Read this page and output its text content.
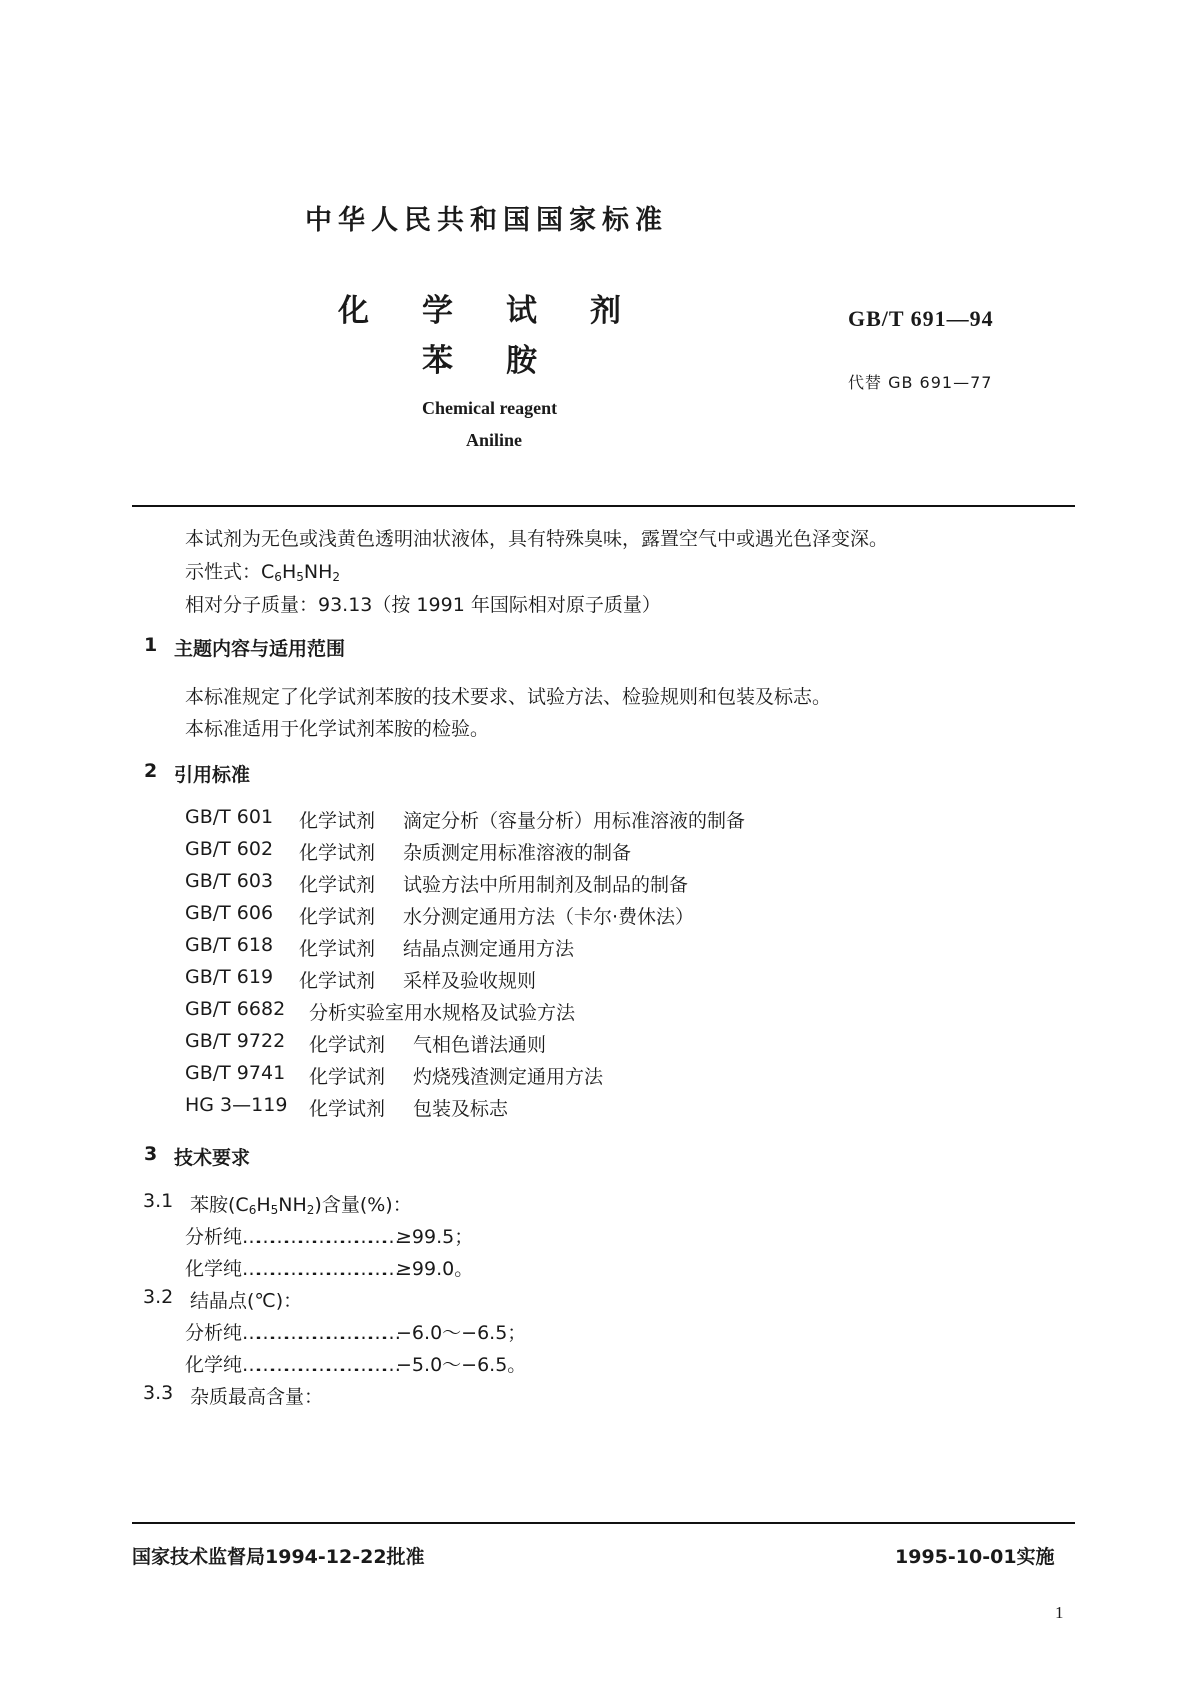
中华人民共和国国家标准
化 学 试 剂
苯 胺
Chemical reagent
Aniline
GB/T 691—94
代替 GB 691—77
本试剂为无色或浅黄色透明油状液体，具有特殊臭味，露置空气中或遇光色泽变深。
示性式：$C_6H_5NH_2$
相对分子质量：93.13（按 1991 年国际相对原子质量）
1 主题内容与适用范围
本标准规定了化学试剂苯胺的技术要求、试验方法、检验规则和包装及标志。
本标准适用于化学试剂苯胺的检验。
2 引用标准
GB/T 601 化学试剂 滴定分析（容量分析）用标准溶液的制备
GB/T 602 化学试剂 杂质测定用标准溶液的制备
GB/T 603 化学试剂 试验方法中所用制剂及制品的制备
GB/T 606 化学试剂 水分测定通用方法（卡尔·费休法）
GB/T 618 化学试剂 结晶点测定通用方法
GB/T 619 化学试剂 采样及验收规则
GB/T 6682 分析实验室用水规格及试验方法
GB/T 9722 化学试剂 气相色谱法通则
GB/T 9741 化学试剂 灼烧残渣测定通用方法
HG 3—119 化学试剂 包装及标志
3 技术要求
3.1 苯胺$(C_6H_5NH_2)$含量(%)：
分析纯……………………………≥99.5；
化学纯……………………………≥99.0。
3.2 结晶点(℃)：
分析纯……………………………−6.0～−6.5；
化学纯……………………………−5.0～−6.5。
3.3 杂质最高含量：
国家技术监督局1994-12-22批准	1995-10-01实施
1
